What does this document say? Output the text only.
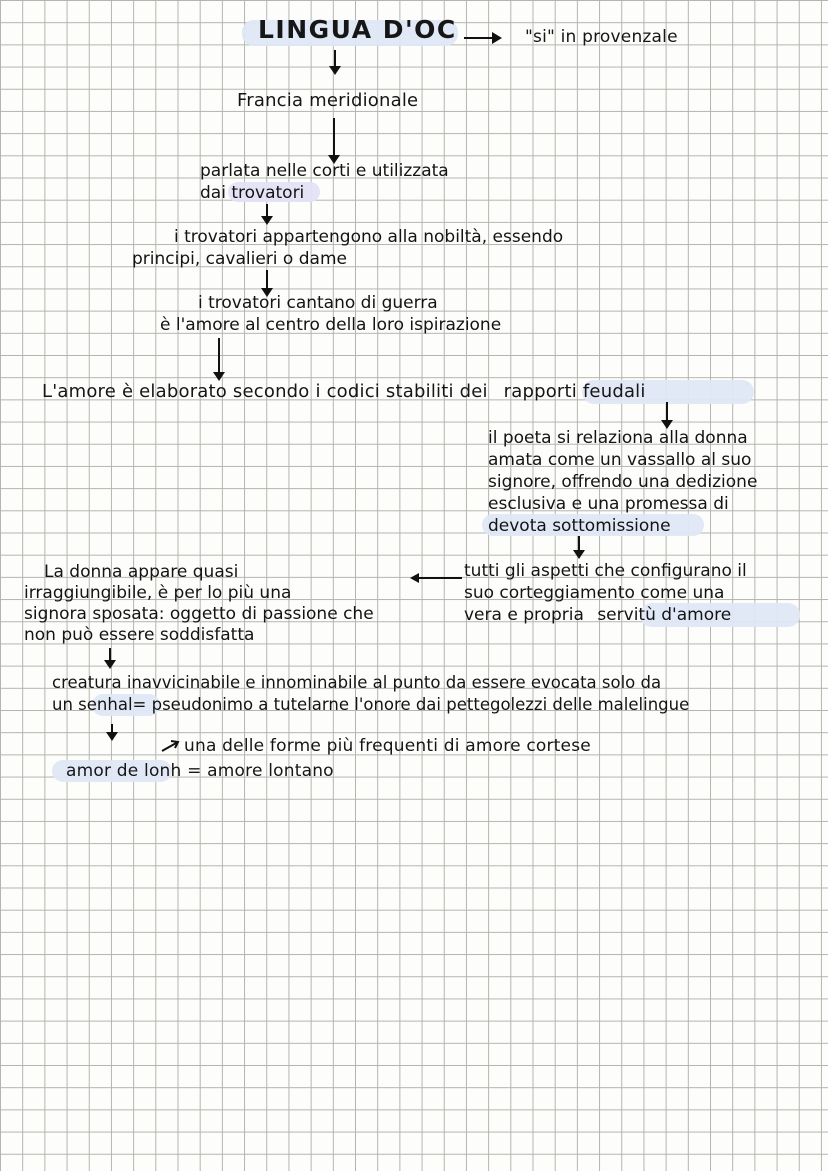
LINGUA D'OC	"si" in provenzale
Francia meridionale
parlata nelle corti e utilizzata
dai trovatori
i trovatori appartengono alla nobiltà, essendo
principi, cavalieri o dame
i trovatori cantano di guerra
è l'amore al centro della loro ispirazione
L'amore è elaborato secondo i codici stabiliti dei rapporti feudali
il poeta si relaziona alla donna
amata come un vassallo al suo
signore, offrendo una dedizione
esclusiva e una promessa di
devota sottomissione
tutti gli aspetti che configurano il
suo corteggiamento come una
vera e propria servitù d'amore
La donna appare quasi
irraggiungibile, è per lo più una
signora sposata: oggetto di passione che
non può essere soddisfatta
creatura inavvicinabile e innominabile al punto da essere evocata solo da
un senhal= pseudonimo a tutelarne l'onore dai pettegolezzi delle malelingue
una delle forme più frequenti di amore cortese
amor de lonh = amore lontano
